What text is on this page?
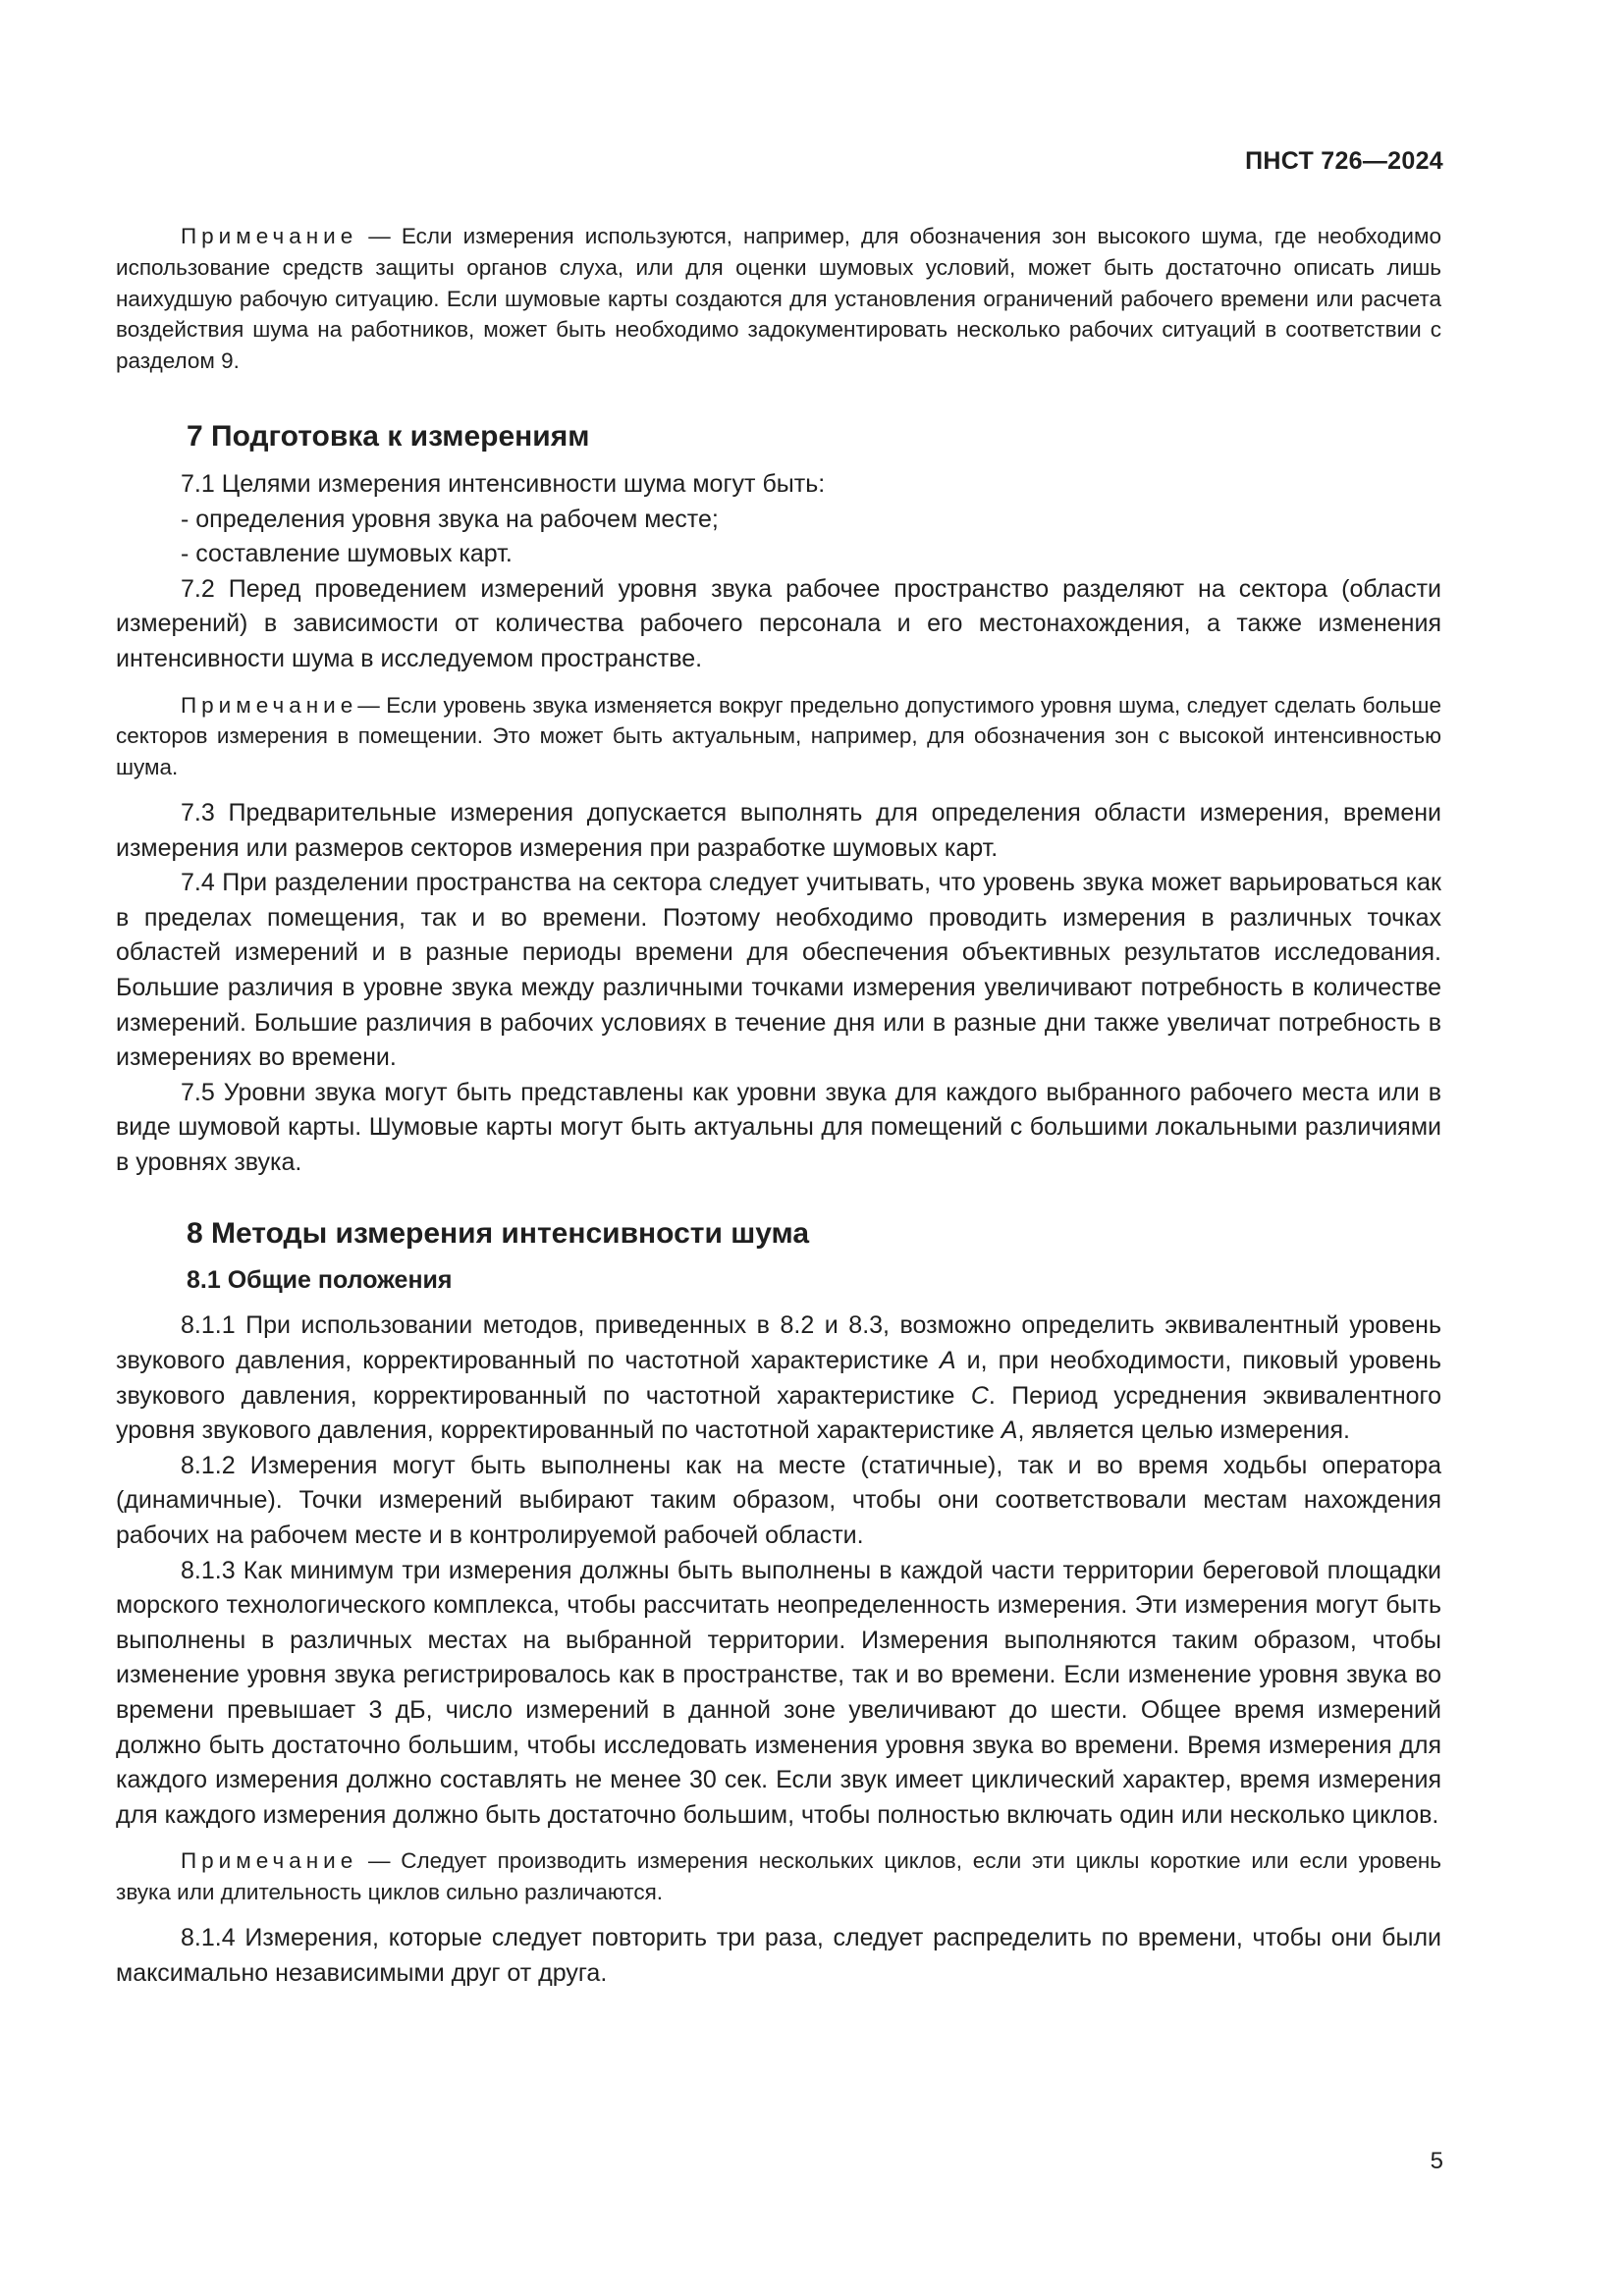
ПНСТ 726—2024

Примечание — Если измерения используются, например, для обозначения зон высокого шума, где необходимо использование средств защиты органов слуха, или для оценки шумовых условий, может быть достаточно описать лишь наихудшую рабочую ситуацию. Если шумовые карты создаются для установления ограничений рабочего времени или расчета воздействия шума на работников, может быть необходимо задокументировать несколько рабочих ситуаций в соответствии с разделом 9.

7 Подготовка к измерениям

7.1 Целями измерения интенсивности шума могут быть:

- определения уровня звука на рабочем месте;

- составление шумовых карт.

7.2 Перед проведением измерений уровня звука рабочее пространство разделяют на сектора (области измерений) в зависимости от количества рабочего персонала и его местонахождения, а также изменения интенсивности шума в исследуемом пространстве.

Примечание— Если уровень звука изменяется вокруг предельно допустимого уровня шума, следует сделать больше секторов измерения в помещении. Это может быть актуальным, например, для обозначения зон с высокой интенсивностью шума.

7.3 Предварительные измерения допускается выполнять для определения области измерения, времени измерения или размеров секторов измерения при разработке шумовых карт.

7.4 При разделении пространства на сектора следует учитывать, что уровень звука может варьироваться как в пределах помещения, так и во времени. Поэтому необходимо проводить измерения в различных точках областей измерений и в разные периоды времени для обеспечения объективных результатов исследования. Большие различия в уровне звука между различными точками измерения увеличивают потребность в количестве измерений. Большие различия в рабочих условиях в течение дня или в разные дни также увеличат потребность в измерениях во времени.

7.5 Уровни звука могут быть представлены как уровни звука для каждого выбранного рабочего места или в виде шумовой карты. Шумовые карты могут быть актуальны для помещений с большими локальными различиями в уровнях звука.

8 Методы измерения интенсивности шума
8.1 Общие положения

8.1.1 При использовании методов, приведенных в 8.2 и 8.3, возможно определить эквивалентный уровень звукового давления, корректированный по частотной характеристике A и, при необходимости, пиковый уровень звукового давления, корректированный по частотной характеристике C. Период усреднения эквивалентного уровня звукового давления, корректированный по частотной характеристике A, является целью измерения.

8.1.2 Измерения могут быть выполнены как на месте (статичные), так и во время ходьбы оператора (динамичные). Точки измерений выбирают таким образом, чтобы они соответствовали местам нахождения рабочих на рабочем месте и в контролируемой рабочей области.

8.1.3 Как минимум три измерения должны быть выполнены в каждой части территории береговой площадки морского технологического комплекса, чтобы рассчитать неопределенность измерения. Эти измерения могут быть выполнены в различных местах на выбранной территории. Измерения выполняются таким образом, чтобы изменение уровня звука регистрировалось как в пространстве, так и во времени. Если изменение уровня звука во времени превышает 3 дБ, число измерений в данной зоне увеличивают до шести. Общее время измерений должно быть достаточно большим, чтобы исследовать изменения уровня звука во времени. Время измерения для каждого измерения должно составлять не менее 30 сек. Если звук имеет циклический характер, время измерения для каждого измерения должно быть достаточно большим, чтобы полностью включать один или несколько циклов.

Примечание — Следует производить измерения нескольких циклов, если эти циклы короткие или если уровень звука или длительность циклов сильно различаются.

8.1.4 Измерения, которые следует повторить три раза, следует распределить по времени, чтобы они были максимально независимыми друг от друга.

5
